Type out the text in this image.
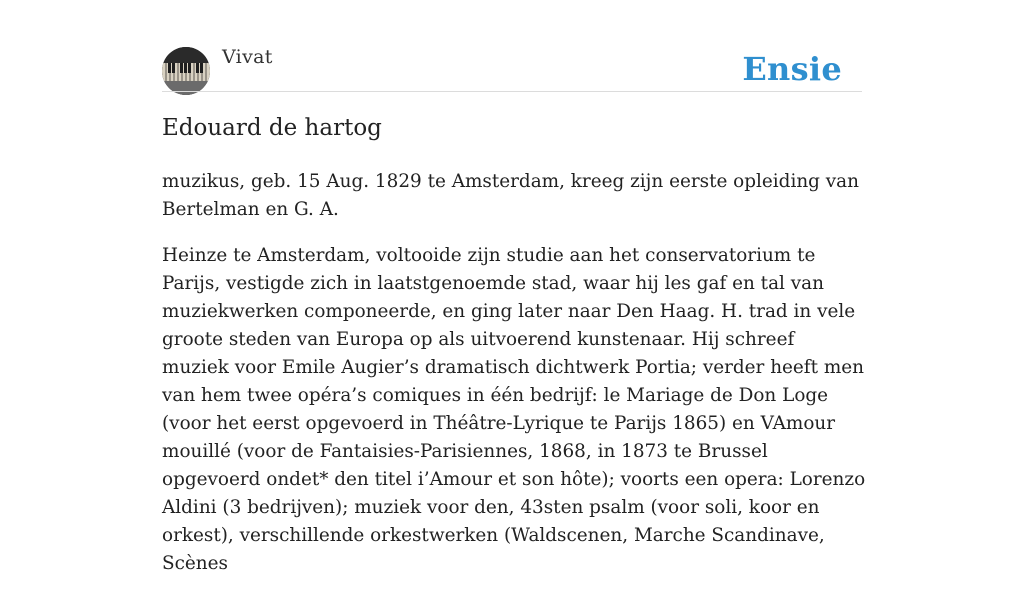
Vivat	Ensie
Edouard de hartog

muzikus, geb. 15 Aug. 1829 te Amsterdam, kreeg zijn eerste opleiding van Bertelman en G. A.

Heinze te Amsterdam, voltooide zijn studie aan het conservatorium te Parijs, vestigde zich in laatstgenoemde stad, waar hij les gaf en tal van muziekwerken componeerde, en ging later naar Den Haag. H. trad in vele groote steden van Europa op als uitvoerend kunstenaar. Hij schreef muziek voor Emile Augier’s dramatisch dichtwerk Portia; verder heeft men van hem twee opéra’s comiques in één bedrijf: le Mariage de Don Loge (voor het eerst opgevoerd in Théâtre-Lyrique te Parijs 1865) en VAmour mouillé (voor de Fantaisies-Parisiennes, 1868, in 1873 te Brussel opgevoerd ondet* den titel i’Amour et son hôte); voorts een opera: Lorenzo Aldini (3 bedrijven); muziek voor den, 43sten psalm (voor soli, koor en orkest), verschillende orkestwerken (Waldscenen, Marche Scandinave, Scènes
